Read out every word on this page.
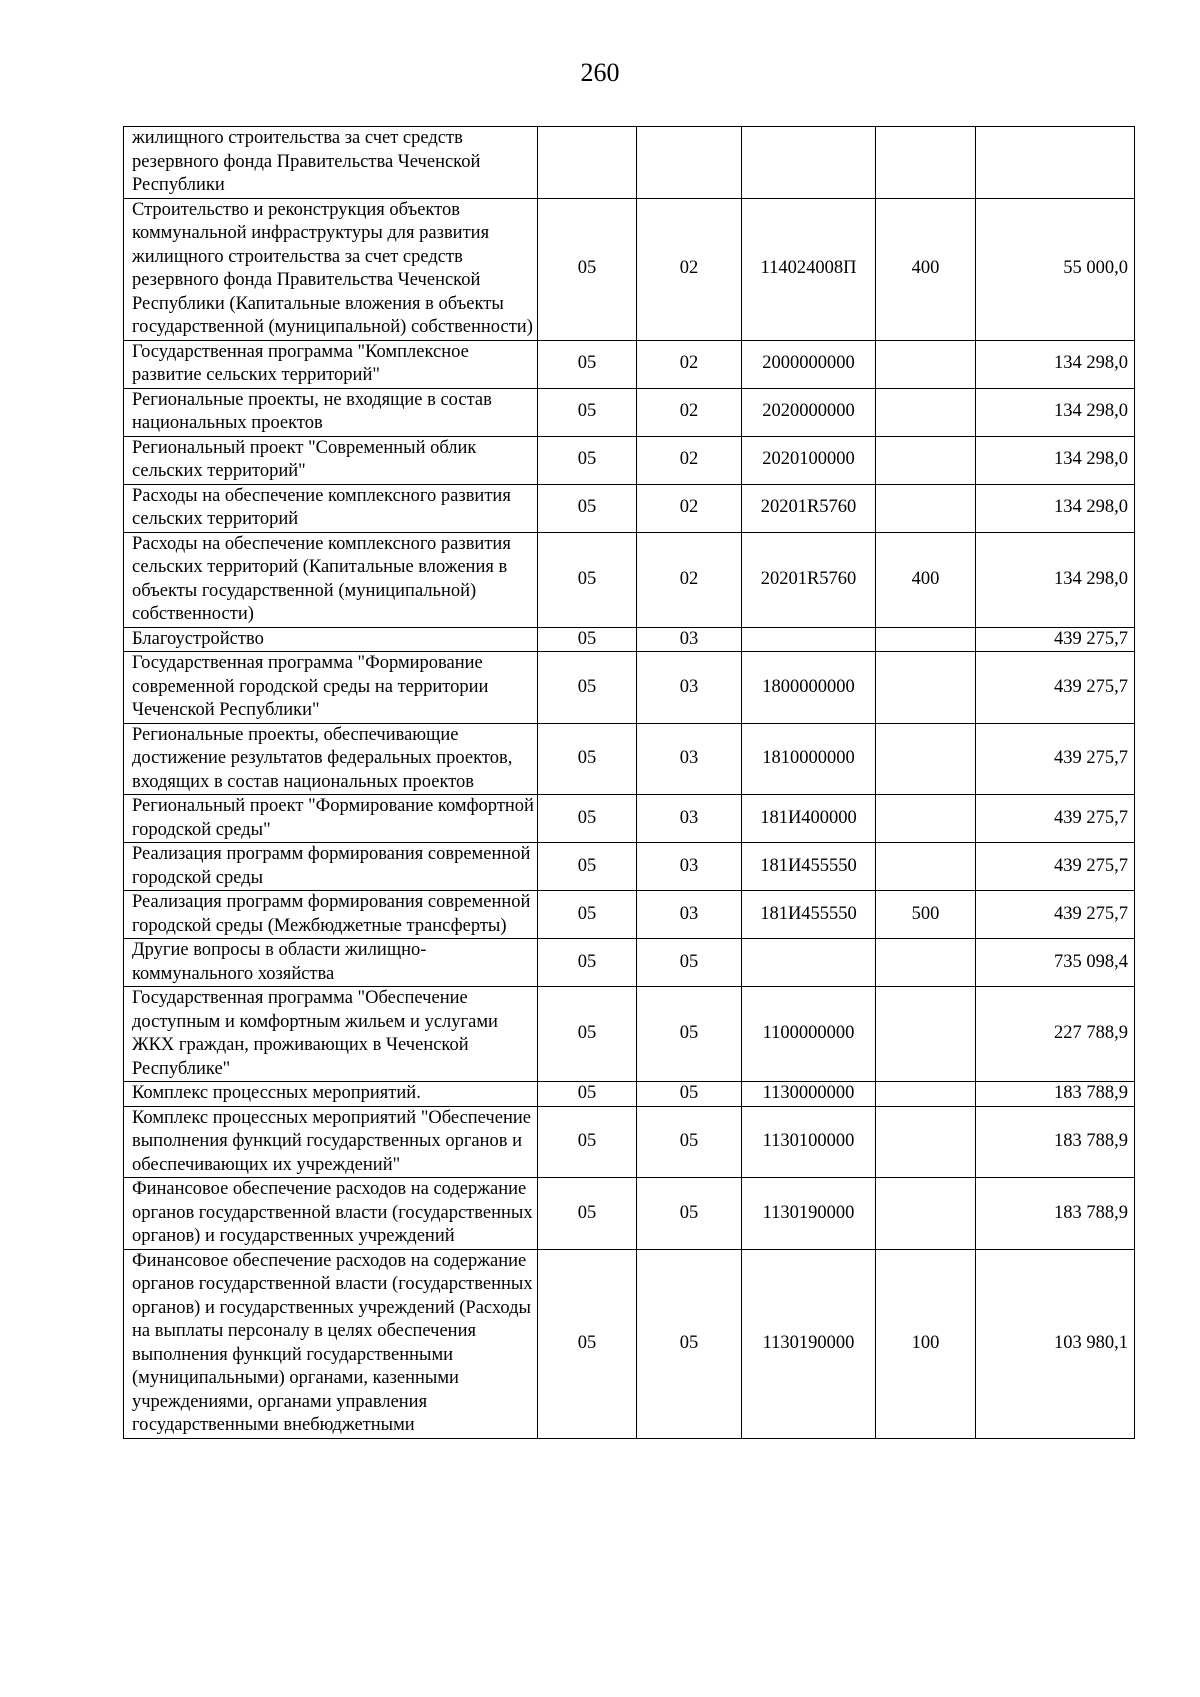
260
жилищного строительства за счет средств резервного фонда Правительства Чеченской Республики					
Строительство и реконструкция объектов коммунальной инфраструктуры для развития жилищного строительства за счет средств резервного фонда Правительства Чеченской Республики (Капитальные вложения в объекты государственной (муниципальной) собственности)	05	02	114024008П	400	55 000,0
Государственная программа "Комплексное развитие сельских территорий"	05	02	2000000000		134 298,0
Региональные проекты, не входящие в состав национальных проектов	05	02	2020000000		134 298,0
Региональный проект "Современный облик сельских территорий"	05	02	2020100000		134 298,0
Расходы на обеспечение комплексного развития сельских территорий	05	02	20201R5760		134 298,0
Расходы на обеспечение комплексного развития сельских территорий (Капитальные вложения в объекты государственной (муниципальной) собственности)	05	02	20201R5760	400	134 298,0
Благоустройство	05	03			439 275,7
Государственная программа "Формирование современной городской среды на территории Чеченской Республики"	05	03	1800000000		439 275,7
Региональные проекты, обеспечивающие достижение результатов федеральных проектов, входящих в состав национальных проектов	05	03	1810000000		439 275,7
Региональный проект "Формирование комфортной городской среды"	05	03	181И400000		439 275,7
Реализация программ формирования современной городской среды	05	03	181И455550		439 275,7
Реализация программ формирования современной городской среды (Межбюджетные трансферты)	05	03	181И455550	500	439 275,7
Другие вопросы в области жилищно-коммунального хозяйства	05	05			735 098,4
Государственная программа "Обеспечение доступным и комфортным жильем и услугами ЖКХ граждан, проживающих в Чеченской Республике"	05	05	1100000000		227 788,9
Комплекс процессных мероприятий.	05	05	1130000000		183 788,9
Комплекс процессных мероприятий "Обеспечение выполнения функций государственных органов и обеспечивающих их учреждений"	05	05	1130100000		183 788,9
Финансовое обеспечение расходов на содержание органов государственной власти (государственных органов) и государственных учреждений	05	05	1130190000		183 788,9
Финансовое обеспечение расходов на содержание органов государственной власти (государственных органов) и государственных учреждений (Расходы на выплаты персоналу в целях обеспечения выполнения функций государственными (муниципальными) органами, казенными учреждениями, органами управления государственными внебюджетными	05	05	1130190000	100	103 980,1
